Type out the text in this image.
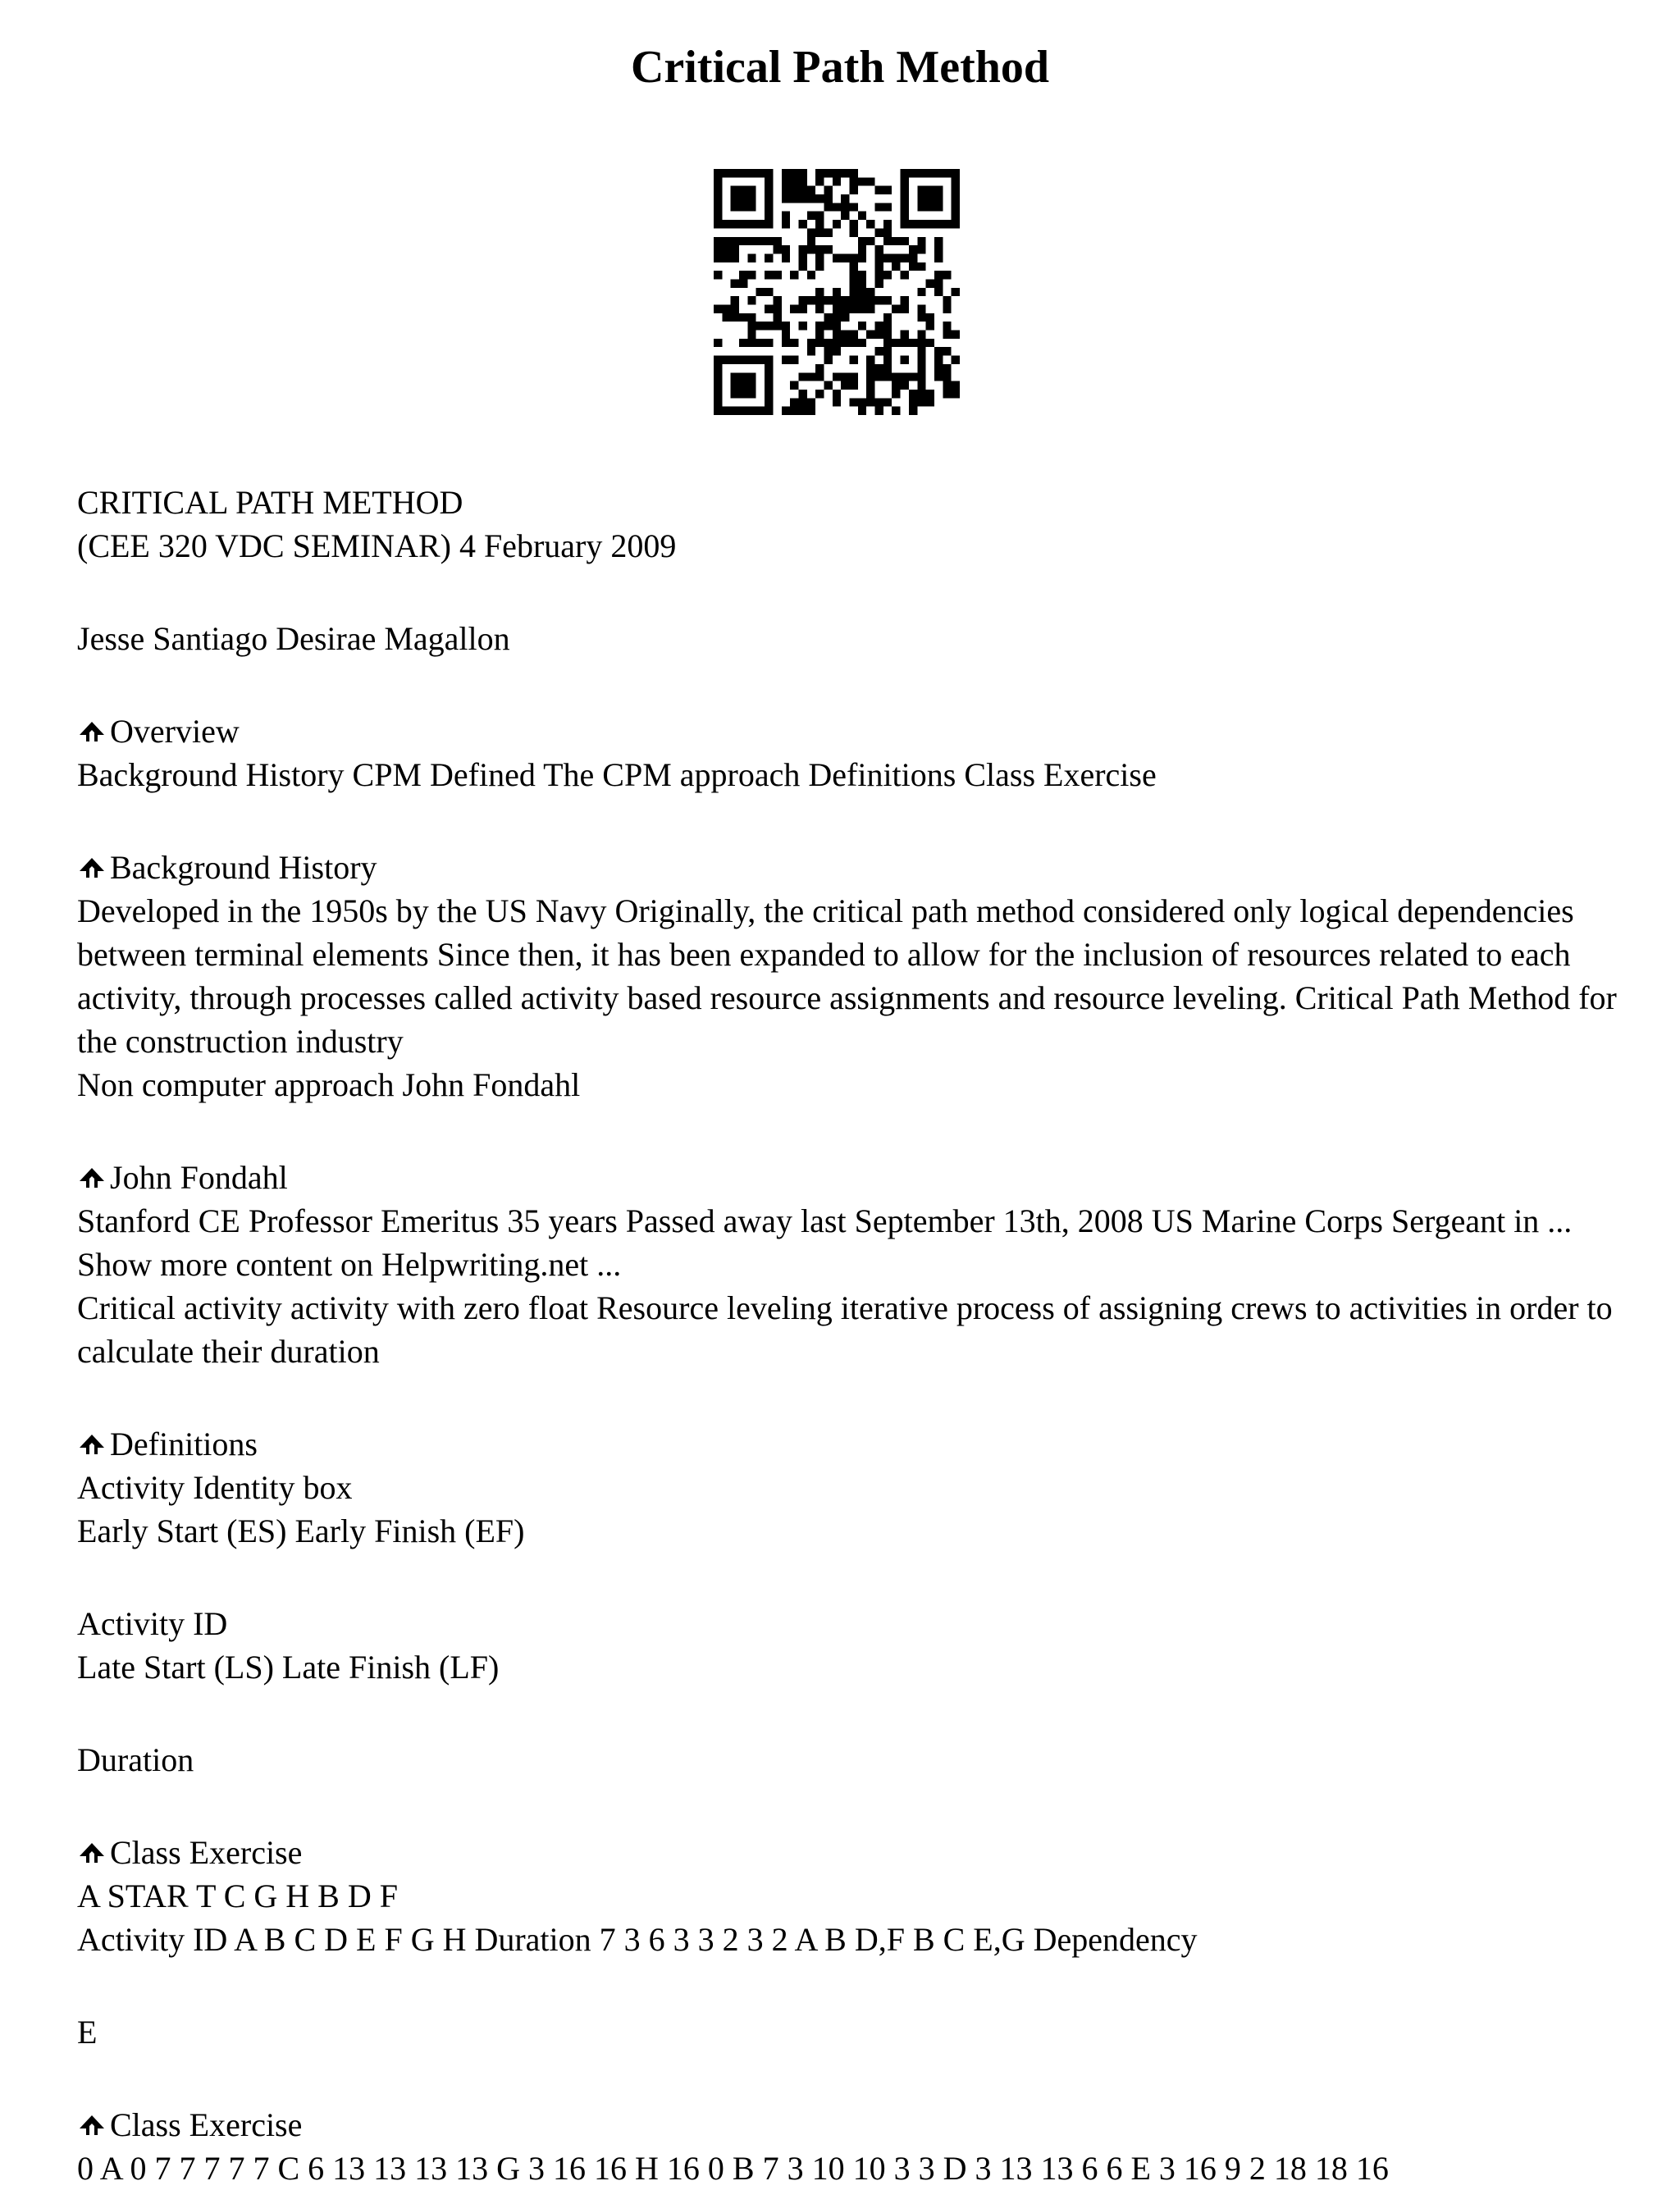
Critical Path Method

CRITICAL PATH METHOD

(CEE 320 VDC SEMINAR) 4 February 2009

Jesse Santiago Desirae Magallon

Overview

Background History CPM Defined The CPM approach Definitions Class Exercise

Background History

Developed in the 1950s by the US Navy Originally, the critical path method considered only logical dependencies between terminal elements Since then, it has been expanded to allow for the inclusion of resources related to each activity, through processes called activity based resource assignments and resource leveling. Critical Path Method for the construction industry

Non computer approach John Fondahl

John Fondahl

Stanford CE Professor Emeritus 35 years Passed away last September 13th, 2008 US Marine Corps Sergeant in ... Show more content on Helpwriting.net ...

Critical activity activity with zero float Resource leveling iterative process of assigning crews to activities in order to calculate their duration

Definitions

Activity Identity box

Early Start (ES) Early Finish (EF)

Activity ID

Late Start (LS) Late Finish (LF)

Duration

Class Exercise

A STAR T C G H B D F

Activity ID A B C D E F G H Duration 7 3 6 3 3 2 3 2 A B D,F B C E,G Dependency

E

Class Exercise

0 A 0 7 7 7 7 7 C 6 13 13 13 13 G 3 16 16 H 16 0 B 7 3 10 10 3 3 D 3 13 13 6 6 E 3 16 9 2 18 18 16
